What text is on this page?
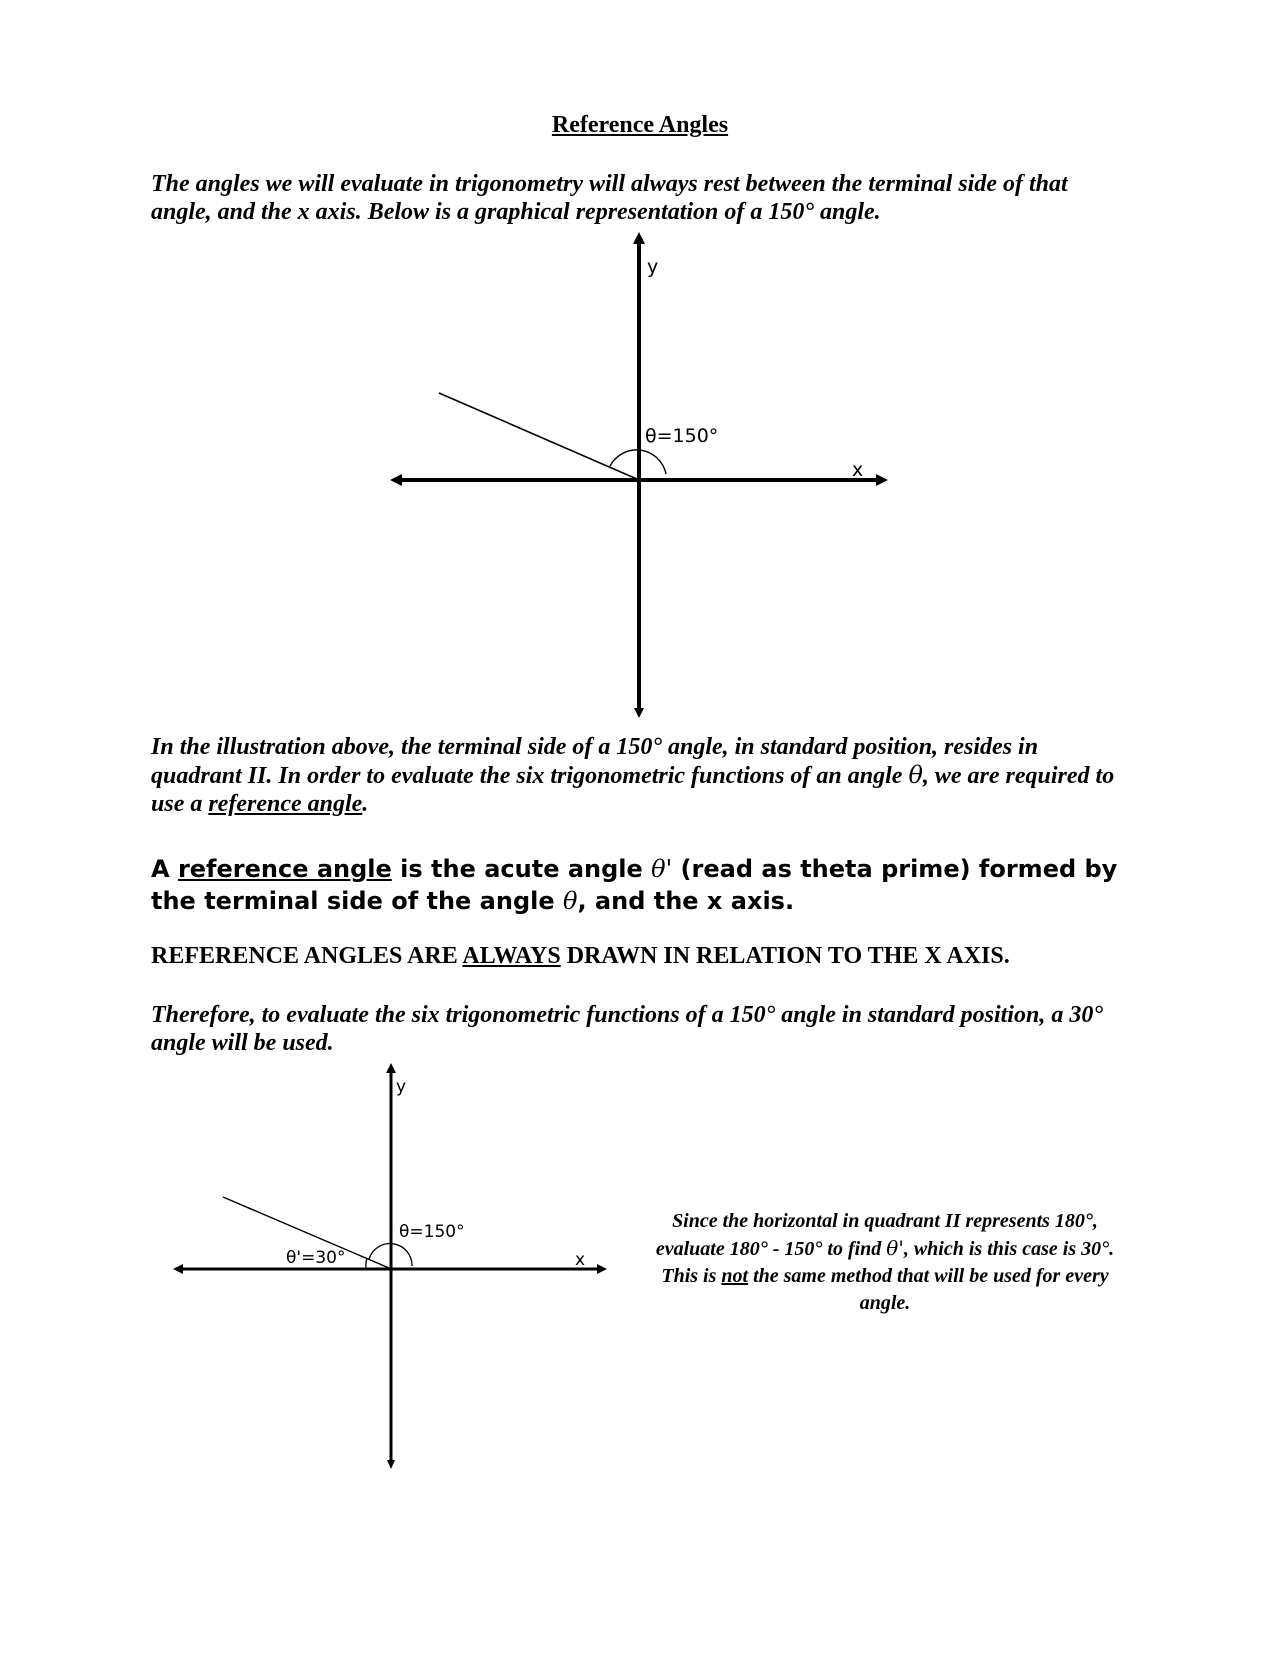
Reference Angles
The angles we will evaluate in trigonometry will always rest between the terminal side of that angle, and the x axis. Below is a graphical representation of a 150° angle.
y
x
θ=150°
In the illustration above, the terminal side of a 150° angle, in standard position, resides in quadrant II. In order to evaluate the six trigonometric functions of an angle θ, we are required to use a reference angle.
A reference angle is the acute angle θ' (read as theta prime) formed by the terminal side of the angle θ, and the x axis.
REFERENCE ANGLES ARE ALWAYS DRAWN IN RELATION TO THE X AXIS.
Therefore, to evaluate the six trigonometric functions of a 150° angle in standard position, a 30° angle will be used.
y
x
θ=150°
θ'=30°
Since the horizontal in quadrant II represents 180°, evaluate 180° - 150° to find θ', which is this case is 30°. This is not the same method that will be used for every angle.
